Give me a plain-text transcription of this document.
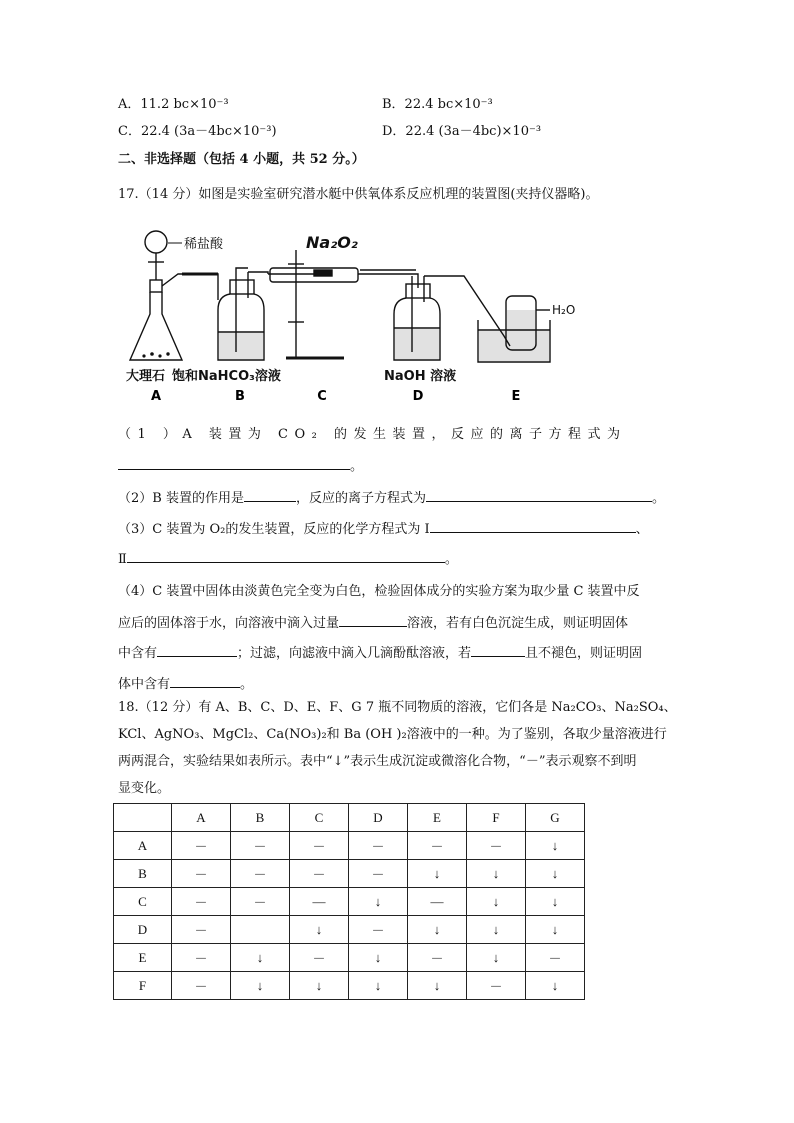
A．11.2 bc×10⁻³	B．22.4 bc×10⁻³
C．22.4 (3a－4bc×10⁻³)	D．22.4 (3a－4bc)×10⁻³
二、非选择题（包括 4 小题，共 52 分。）
17.（14 分）如图是实验室研究潜水艇中供氧体系反应机理的装置图(夹持仪器略)。
稀盐酸	Na₂O₂
H₂O
大理石 饱和NaHCO₃溶液	NaOH 溶液
A	B	C	D	E
（1 ）A 装置为 CO₂ 的发生装置，反应的离子方程式为
。
（2）B 装置的作用是	，反应的离子方程式为	。
（3）C 装置为 O₂的发生装置，反应的化学方程式为 Ⅰ	、
Ⅱ	。
（4）C 装置中固体由淡黄色完全变为白色，检验固体成分的实验方案为取少量 C 装置中反
应后的固体溶于水，向溶液中滴入过量	溶液，若有白色沉淀生成，则证明固体
中含有	；过滤，向滤液中滴入几滴酚酞溶液，若	且不褪色，则证明固
体中含有	。
18.（12 分）有 A、B、C、D、E、F、G 7 瓶不同物质的溶液，它们各是 Na₂CO₃、Na₂SO₄、
KCl、AgNO₃、MgCl₂、Ca(NO₃)₂和 Ba (OH )₂溶液中的一种。为了鉴别，各取少量溶液进行
两两混合，实验结果如表所示。表中“↓”表示生成沉淀或微溶化合物，“－”表示观察不到明
显变化。
	A	B	C	D	E	F	G
A	－	－	－	－	－	－	↓
B	－	－	－	－	↓	↓	↓
C	－	－	—	↓	—	↓	↓
D	－		↓	－	↓	↓	↓
E	－	↓	－	↓	－	↓	－
F	－	↓	↓	↓	↓	－	↓
